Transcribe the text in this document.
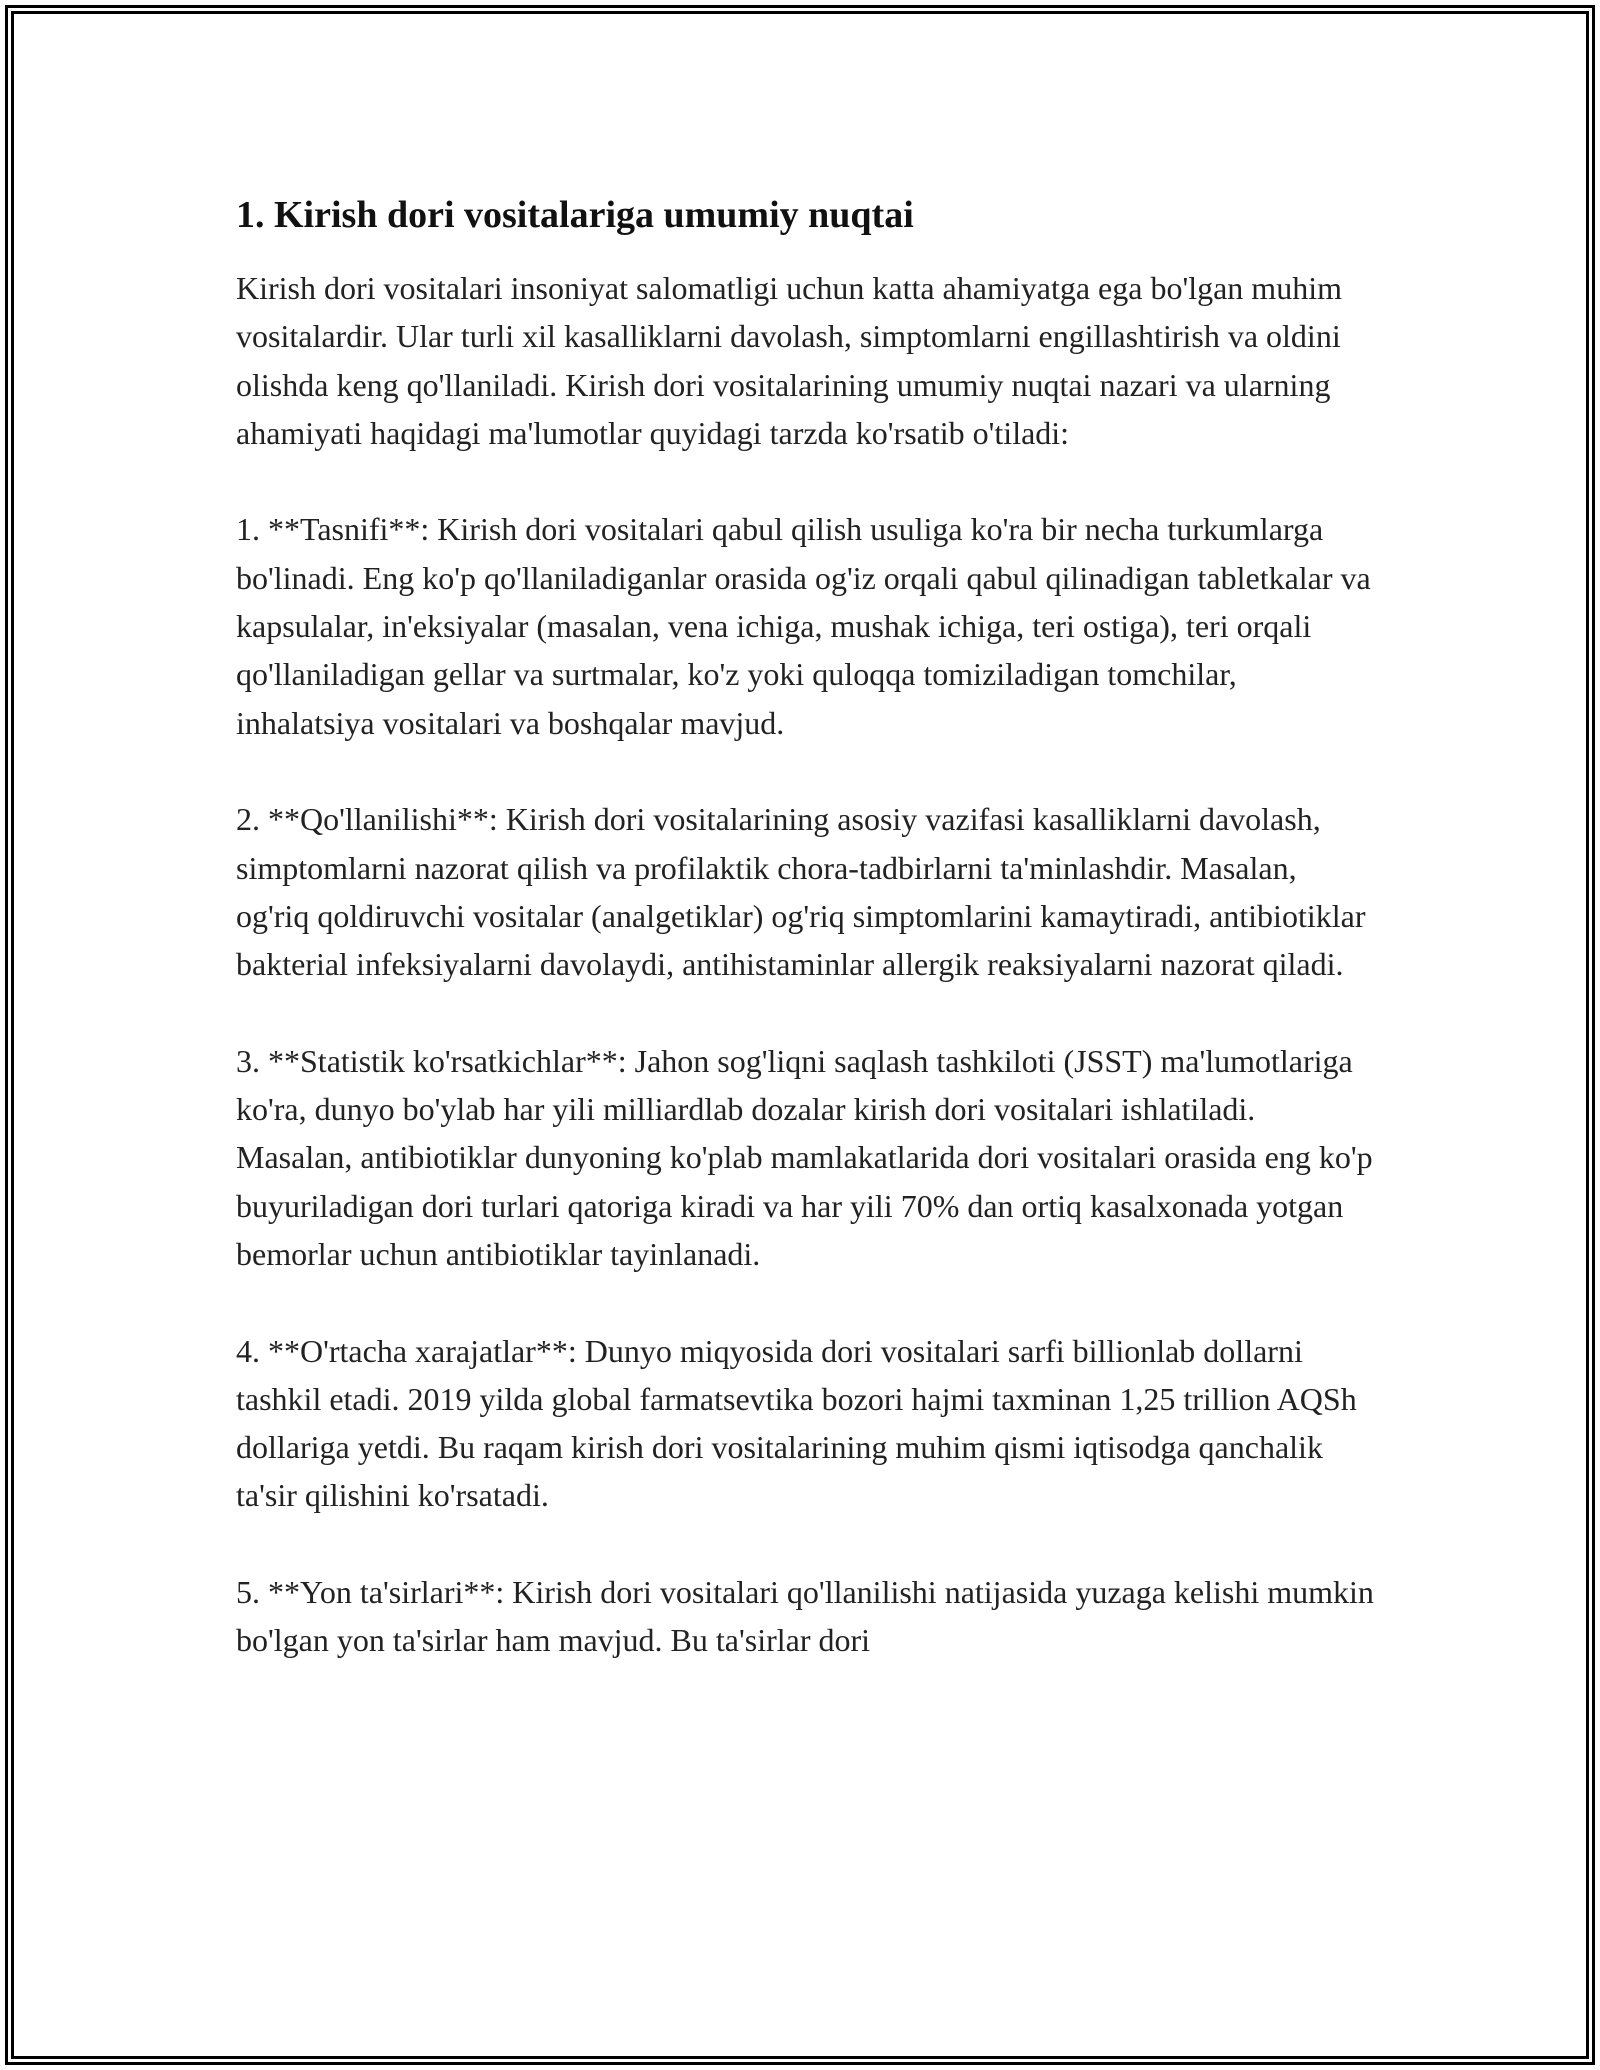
1. Kirish dori vositalariga umumiy nuqtai

Kirish dori vositalari insoniyat salomatligi uchun katta ahamiyatga ega bo'lgan muhim vositalardir. Ular turli xil kasalliklarni davolash, simptomlarni engillashtirish va oldini olishda keng qo'llaniladi. Kirish dori vositalarining umumiy nuqtai nazari va ularning ahamiyati haqidagi ma'lumotlar quyidagi tarzda ko'rsatib o'tiladi:

1. **Tasnifi**: Kirish dori vositalari qabul qilish usuliga ko'ra bir necha turkumlarga bo'linadi. Eng ko'p qo'llaniladiganlar orasida og'iz orqali qabul qilinadigan tabletkalar va kapsulalar, in'eksiyalar (masalan, vena ichiga, mushak ichiga, teri ostiga), teri orqali qo'llaniladigan gellar va surtmalar, ko'z yoki quloqqa tomiziladigan tomchilar, inhalatsiya vositalari va boshqalar mavjud.

2. **Qo'llanilishi**: Kirish dori vositalarining asosiy vazifasi kasalliklarni davolash, simptomlarni nazorat qilish va profilaktik chora-tadbirlarni ta'minlashdir. Masalan, og'riq qoldiruvchi vositalar (analgetiklar) og'riq simptomlarini kamaytiradi, antibiotiklar bakterial infeksiyalarni davolaydi, antihistaminlar allergik reaksiyalarni nazorat qiladi.

3. **Statistik ko'rsatkichlar**: Jahon sog'liqni saqlash tashkiloti (JSST) ma'lumotlariga ko'ra, dunyo bo'ylab har yili milliardlab dozalar kirish dori vositalari ishlatiladi. Masalan, antibiotiklar dunyoning ko'plab mamlakatlarida dori vositalari orasida eng ko'p buyuriladigan dori turlari qatoriga kiradi va har yili 70% dan ortiq kasalxonada yotgan bemorlar uchun antibiotiklar tayinlanadi.

4. **O'rtacha xarajatlar**: Dunyo miqyosida dori vositalari sarfi billionlab dollarni tashkil etadi. 2019 yilda global farmatsevtika bozori hajmi taxminan 1,25 trillion AQSh dollariga yetdi. Bu raqam kirish dori vositalarining muhim qismi iqtisodga qanchalik ta'sir qilishini ko'rsatadi.

5. **Yon ta'sirlari**: Kirish dori vositalari qo'llanilishi natijasida yuzaga kelishi mumkin bo'lgan yon ta'sirlar ham mavjud. Bu ta'sirlar dori
